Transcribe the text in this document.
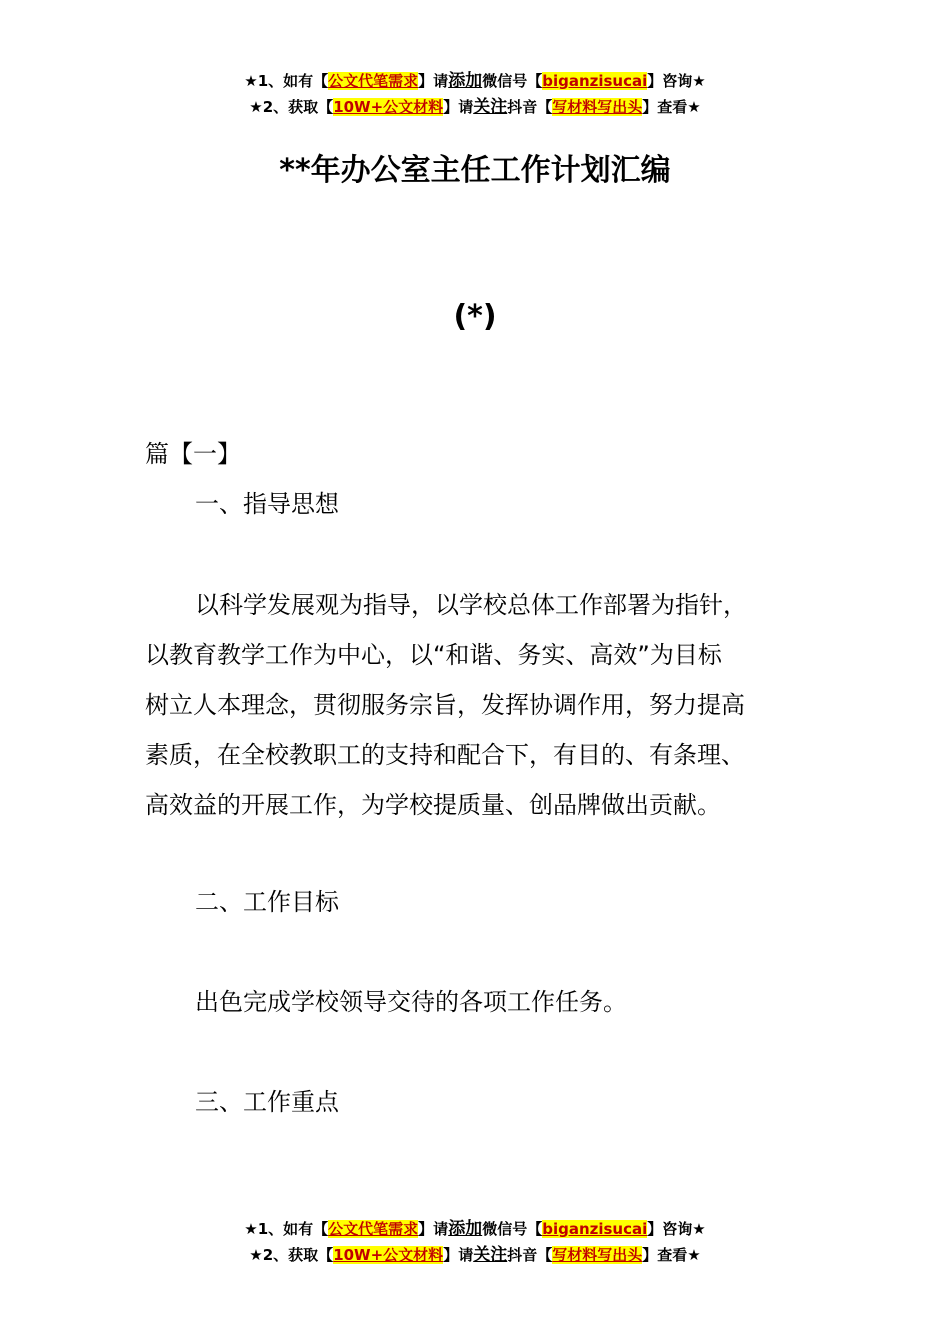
★1、如有【公文代笔需求】请添加微信号【biganzisucai】咨询★
★2、获取【10W+公文材料】请关注抖音【写材料写出头】查看★
**年办公室主任工作计划汇编
(*)
篇【一】
一、指导思想
以科学发展观为指导，以学校总体工作部署为指针，
以教育教学工作为中心，以“和谐、务实、高效”为目标
树立人本理念，贯彻服务宗旨，发挥协调作用，努力提高
素质，在全校教职工的支持和配合下，有目的、有条理、
高效益的开展工作，为学校提质量、创品牌做出贡献。
二、工作目标
出色完成学校领导交待的各项工作任务。
三、工作重点
★1、如有【公文代笔需求】请添加微信号【biganzisucai】咨询★
★2、获取【10W+公文材料】请关注抖音【写材料写出头】查看★
